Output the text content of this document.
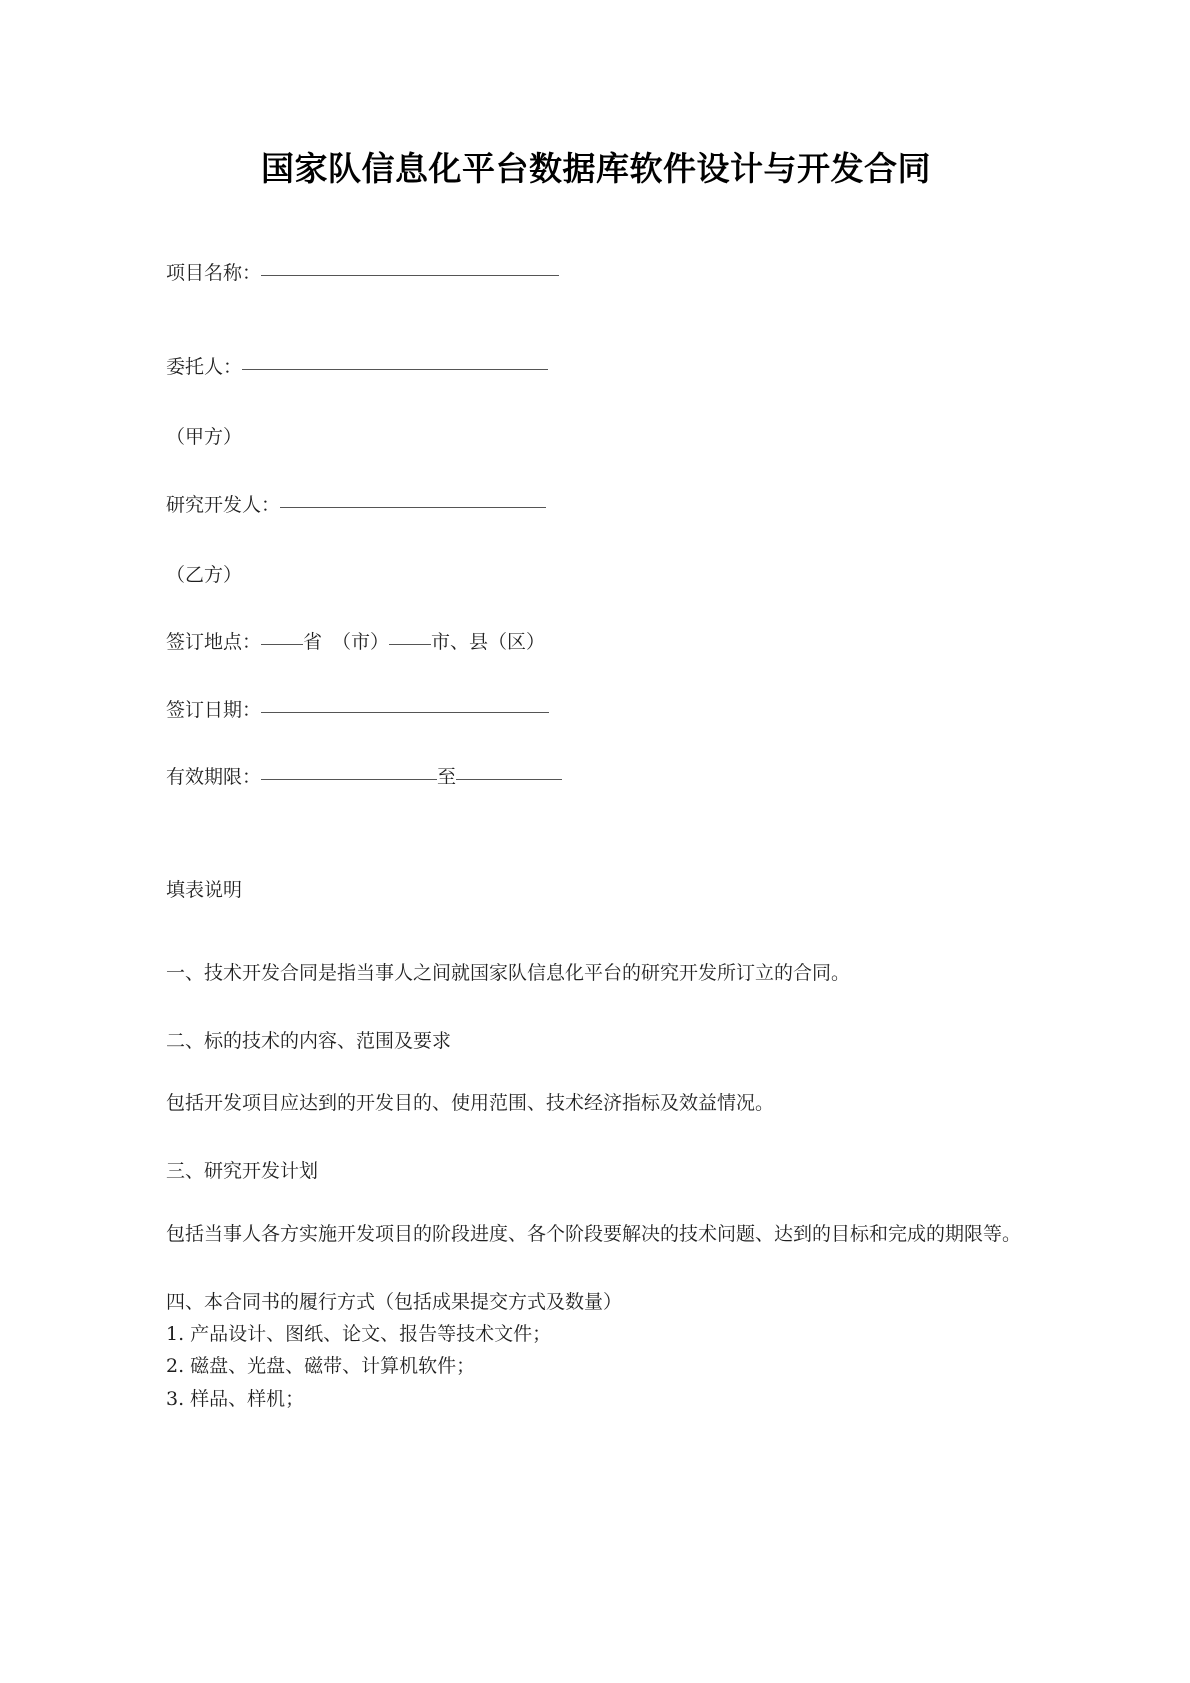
国家队信息化平台数据库软件设计与开发合同

项目名称：

委托人：

（甲方）

研究开发人：

（乙方）

签订地点： 省 （市） 市、县（区）

签订日期：

有效期限：	至

填表说明

一、技术开发合同是指当事人之间就国家队信息化平台的研究开发所订立的合同。

二、标的技术的内容、范围及要求

包括开发项目应达到的开发目的、使用范围、技术经济指标及效益情况。

三、研究开发计划

包括当事人各方实施开发项目的阶段进度、各个阶段要解决的技术问题、达到的目标和完成的期限等。

四、本合同书的履行方式（包括成果提交方式及数量）

1. 产品设计、图纸、论文、报告等技术文件；

2. 磁盘、光盘、磁带、计算机软件；

3. 样品、样机；
